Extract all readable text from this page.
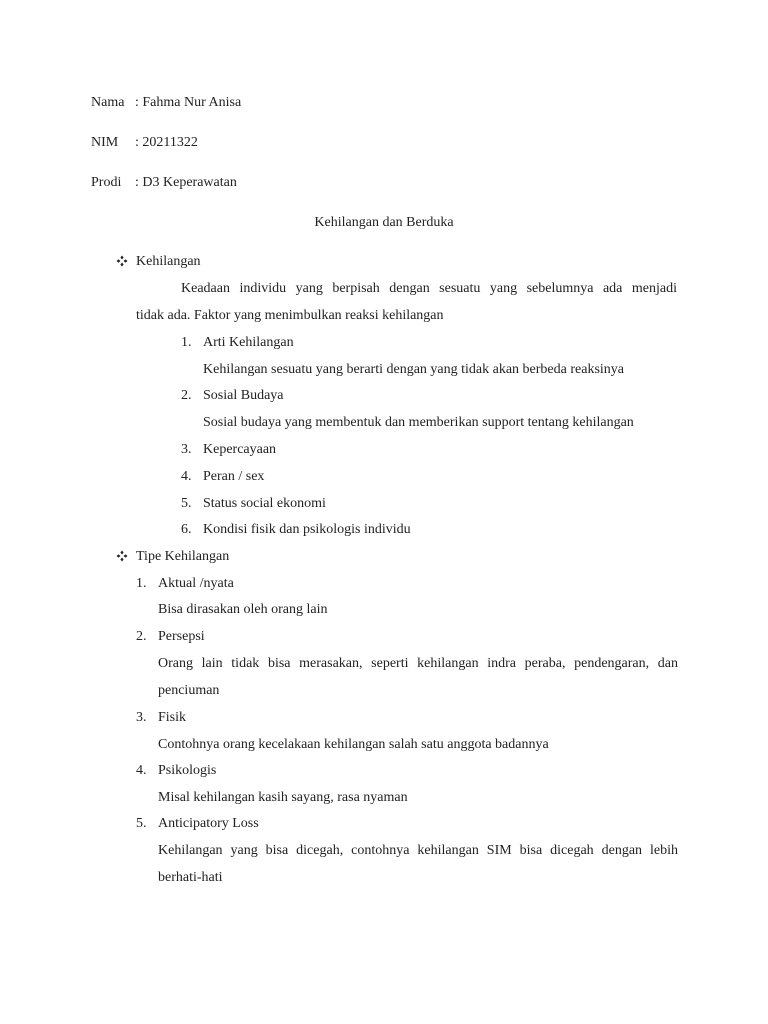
Nama : Fahma Nur Anisa
NIM : 20211322
Prodi : D3 Keperawatan
Kehilangan dan Berduka
Kehilangan
Keadaan individu yang berpisah dengan sesuatu yang sebelumnya ada menjadi
tidak ada. Faktor yang menimbulkan reaksi kehilangan
1. Arti Kehilangan
Kehilangan sesuatu yang berarti dengan yang tidak akan berbeda reaksinya
2. Sosial Budaya
Sosial budaya yang membentuk dan memberikan support tentang kehilangan
3. Kepercayaan
4. Peran / sex
5. Status social ekonomi
6. Kondisi fisik dan psikologis individu
Tipe Kehilangan
1. Aktual /nyata
Bisa dirasakan oleh orang lain
2. Persepsi
Orang lain tidak bisa merasakan, seperti kehilangan indra peraba, pendengaran, dan
penciuman
3. Fisik
Contohnya orang kecelakaan kehilangan salah satu anggota badannya
4. Psikologis
Misal kehilangan kasih sayang, rasa nyaman
5. Anticipatory Loss
Kehilangan yang bisa dicegah, contohnya kehilangan SIM bisa dicegah dengan lebih
berhati-hati
